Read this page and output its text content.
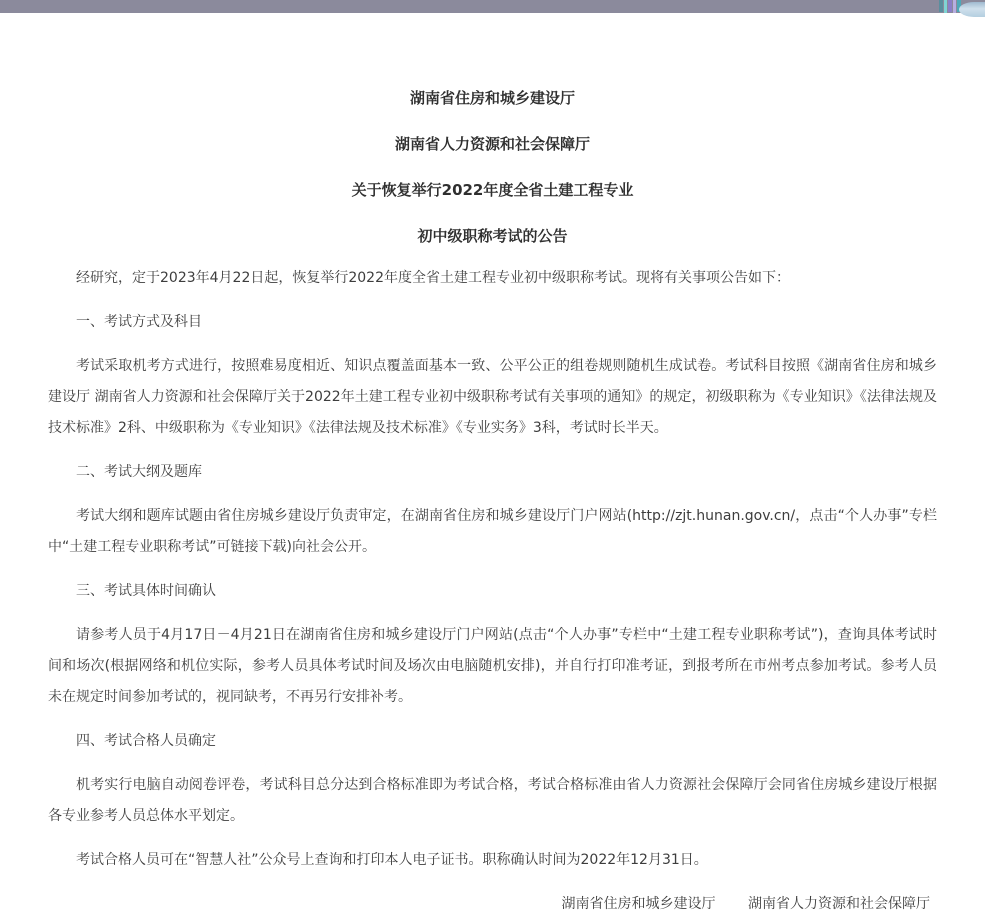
湖南省住房和城乡建设厅
湖南省人力资源和社会保障厅
关于恢复举行2022年度全省土建工程专业
初中级职称考试的公告

经研究，定于2023年4月22日起，恢复举行2022年度全省土建工程专业初中级职称考试。现将有关事项公告如下：

一、考试方式及科目

考试采取机考方式进行，按照难易度相近、知识点覆盖面基本一致、公平公正的组卷规则随机生成试卷。考试科目按照《湖南省住房和城乡建设厅 湖南省人力资源和社会保障厅关于2022年土建工程专业初中级职称考试有关事项的通知》的规定，初级职称为《专业知识》《法律法规及技术标准》2科、中级职称为《专业知识》《法律法规及技术标准》《专业实务》3科，考试时长半天。

二、考试大纲及题库

考试大纲和题库试题由省住房城乡建设厅负责审定，在湖南省住房和城乡建设厅门户网站(http://zjt.hunan.gov.cn/，点击“个人办事”专栏中“土建工程专业职称考试”可链接下载)向社会公开。

三、考试具体时间确认

请参考人员于4月17日－4月21日在湖南省住房和城乡建设厅门户网站(点击“个人办事”专栏中“土建工程专业职称考试”)，查询具体考试时间和场次(根据网络和机位实际，参考人员具体考试时间及场次由电脑随机安排)，并自行打印准考证，到报考所在市州考点参加考试。参考人员未在规定时间参加考试的，视同缺考，不再另行安排补考。

四、考试合格人员确定

机考实行电脑自动阅卷评卷，考试科目总分达到合格标准即为考试合格，考试合格标准由省人力资源社会保障厅会同省住房城乡建设厅根据各专业参考人员总体水平划定。

考试合格人员可在“智慧人社”公众号上查询和打印本人电子证书。职称确认时间为2022年12月31日。

湖南省住房和城乡建设厅 湖南省人力资源和社会保障厅
